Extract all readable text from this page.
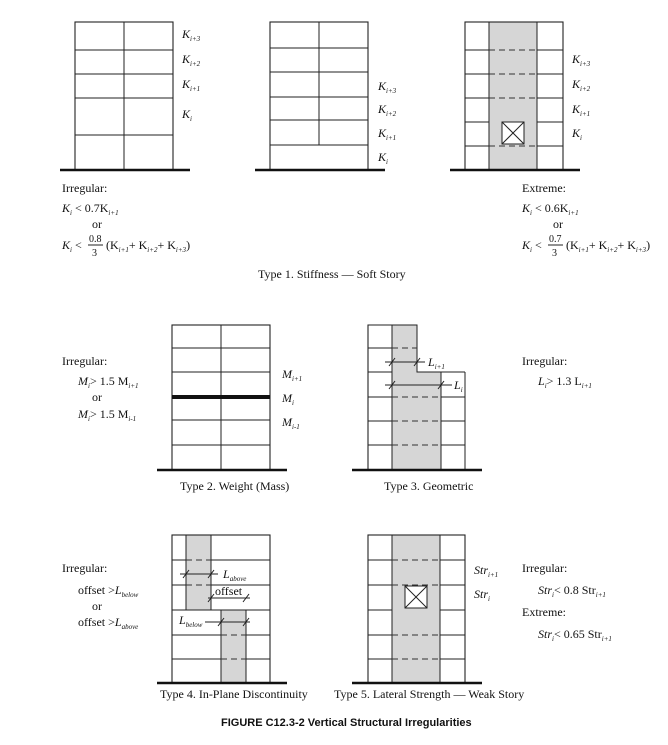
$K_{i+3}$
$K_{i+2}$
$K_{i+1}$
$K_i$
$K_{i+3}$
$K_{i+2}$
$K_{i+1}$
$K_i$
$K_{i+3}$
$K_{i+2}$
$K_{i+1}$
$K_i$
Irregular:
$K_i < 0.7K_{i+1}$
or
$K_i < 0.8$
3
$(K_{i+1}+ K_{i+2}+ K_{i+3})$
Extreme:
$K_i < 0.6K_{i+1}$
or
$K_i < 0.7$
3
$(K_{i+1}+ K_{i+2}+ K_{i+3})$
Type 1. Stiffness — Soft Story
$M_{i+1}$
$M_i$
$M_{i-1}$
Irregular:
$M_i> 1.5$ $M_{i+1}$
or
$M_i> 1.5$ $M_{i-1}$
Type 2. Weight (Mass)
$L_{i+1}$
$L_i$
Irregular:
$L_i> 1.3$ $L_{i+1}$
Type 3. Geometric
$L_{above}$
offset
$L_{below}$
Irregular:
offset $>L_{below}$
or
offset $>L_{above}$
Type 4. In-Plane Discontinuity
Str$_{i+1}$
Str$_i$
Irregular:
Str$_i$< 0.8 Str$_{i+1}$
Extreme:
Str$_i$< 0.65 Str$_{i+1}$
Type 5. Lateral Strength — Weak Story
FIGURE C12.3-2 Vertical Structural Irregularities
